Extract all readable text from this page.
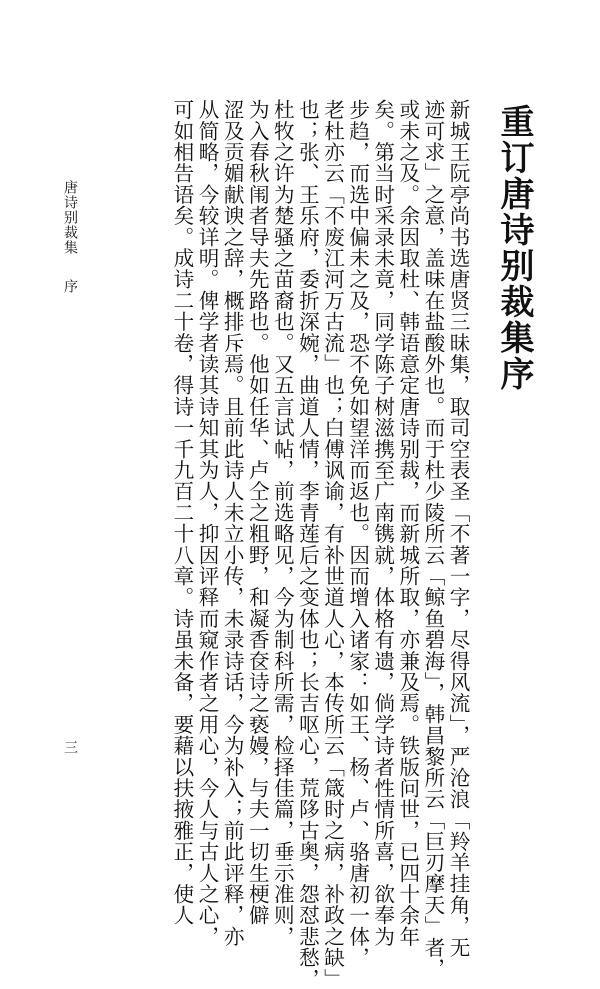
重订唐诗别裁集序

新城王阮亭尚书选唐贤三昧集，取司空表圣「不著一字，尽得风流」，严沧浪「羚羊挂角，无

迹可求」之意，盖味在盐酸外也。而于杜少陵所云「鲸鱼碧海」，韩昌黎所云「巨刃摩天」者，

或未之及。余因取杜、韩语意定唐诗别裁，而新城所取，亦兼及焉。铁版问世，已四十余年

矣。第当时采录未竟，同学陈子树滋携至广南镌就，体格有遗，倘学诗者性情所喜，欲奉为

步趋，而选中偏未之及，恐不免如望洋而返也。因而增入诸家：如王、杨、卢、骆唐初一体，

老杜亦云「不废江河万古流」也；白傅讽谕，有补世道人心，本传所云「箴时之病，补政之缺」

也；张、王乐府，委折深婉，曲道人情，李青莲后之变体也；长吉呕心，荒陊古奥，怨怼悲愁，

杜牧之许为楚骚之苗裔也。又五言试帖，前选略见，今为制科所需，检择佳篇，垂示准则，

为入春秋闱者导夫先路也。他如任华、卢仝之粗野，和凝香奁诗之亵嫚，与夫一切生梗僻

涩及贡媚献谀之辞，概排斥焉。且前此诗人未立小传，未录诗话，今为补入；前此评释，亦

从简略，今较详明。俾学者读其诗知其为人，抑因评释而窥作者之用心，今人与古人之心，

可如相告语矣。成诗二十卷，得诗一千九百二十八章。诗虽未备，要藉以扶掖雅正，使人

唐诗别裁集序
三
